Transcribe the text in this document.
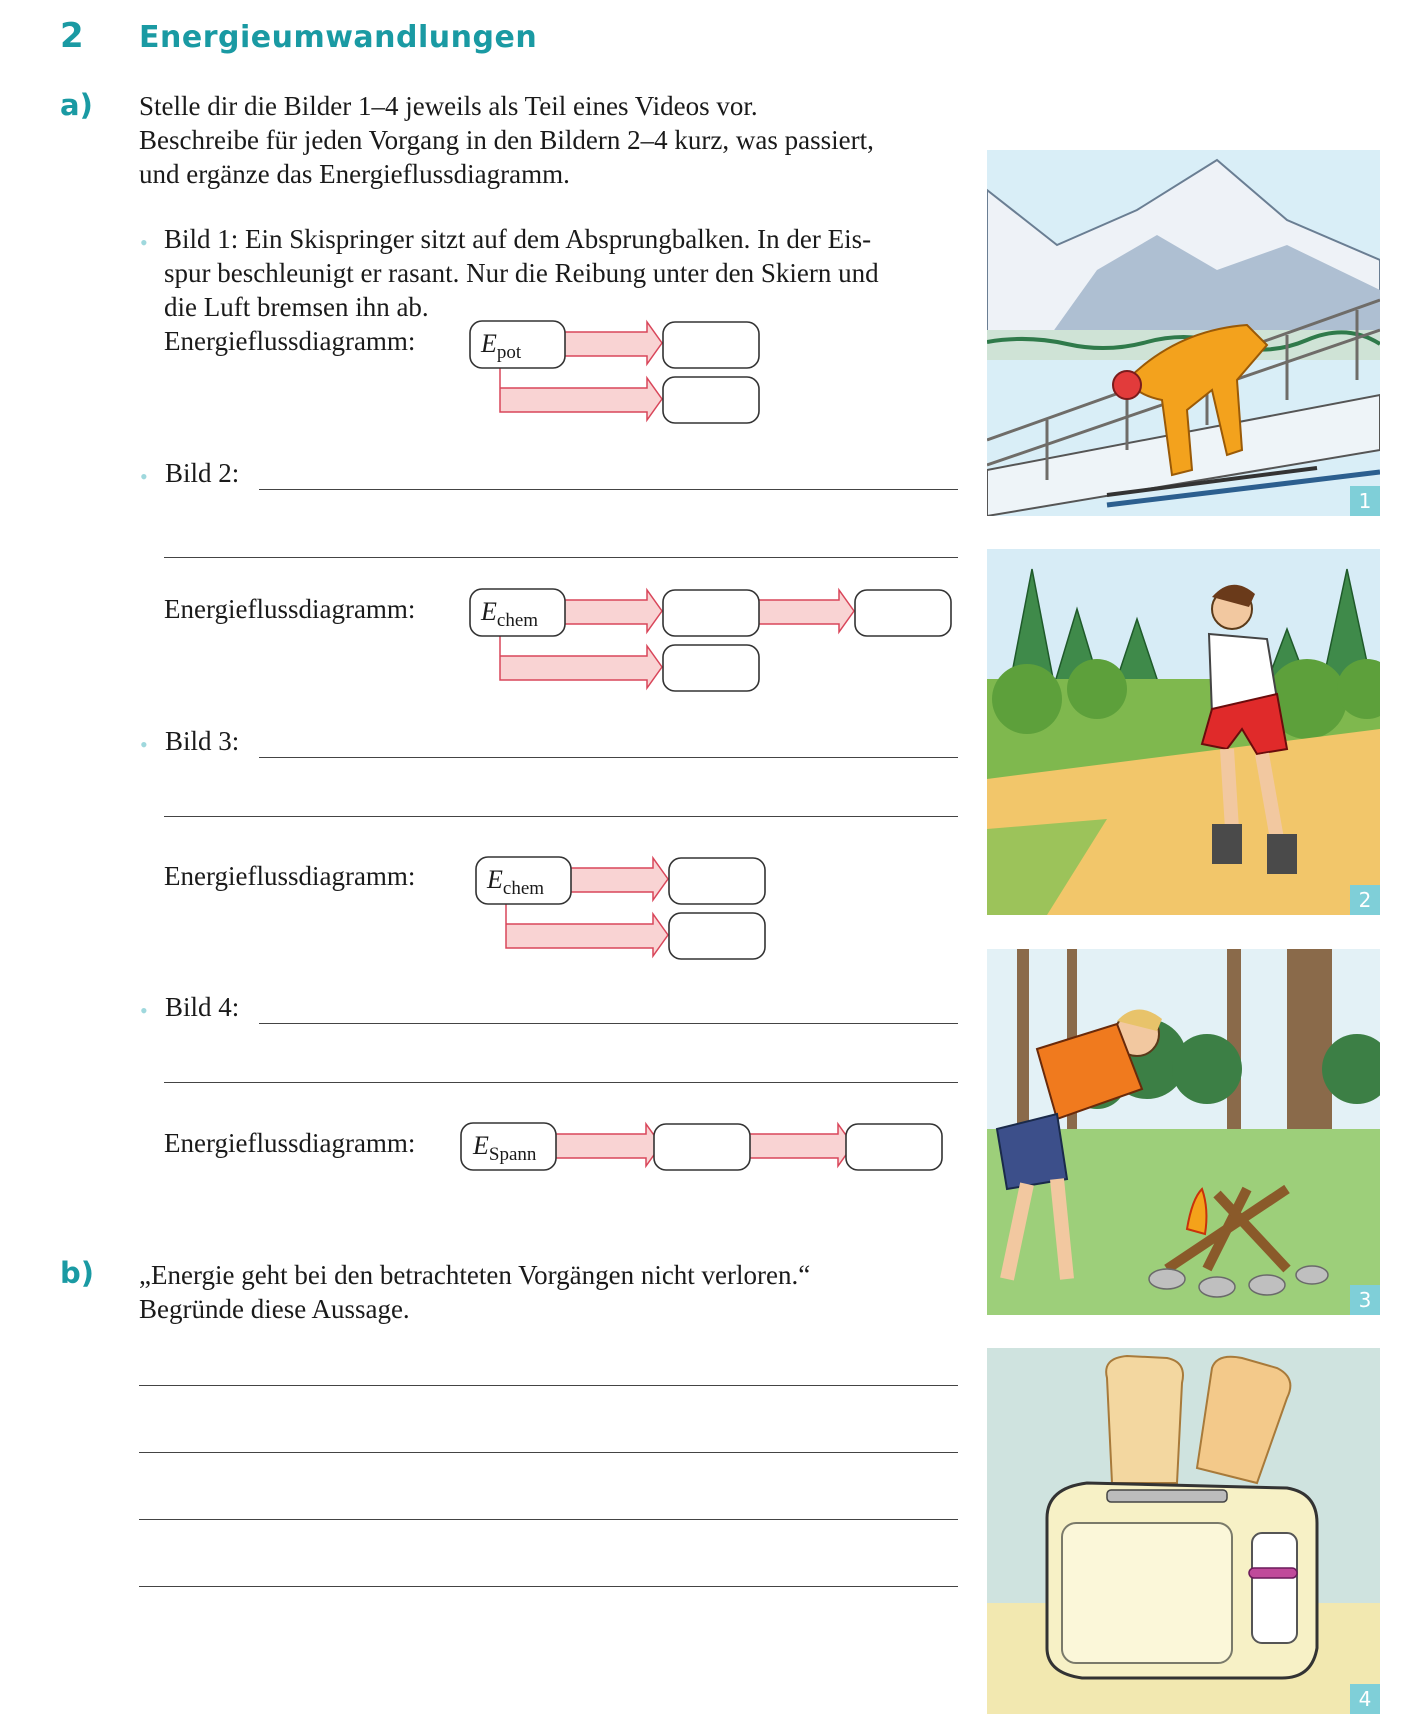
2 Energieumwandlungen
a) Stelle dir die Bilder 1–4 jeweils als Teil eines Videos vor.
Beschreibe für jeden Vorgang in den Bildern 2–4 kurz, was passiert,
und ergänze das Energieflussdiagramm.
• Bild 1: Ein Skispringer sitzt auf dem Absprungbalken. In der Eis-
spur beschleunigt er rasant. Nur die Reibung unter den Skiern und
die Luft bremsen ihn ab.
Energieflussdiagramm:	$E_{pot}$
• Bild 2:
Energieflussdiagramm:	$E_{chem}$
• Bild 3:
Energieflussdiagramm:	$E_{chem}$
• Bild 4:
Energieflussdiagramm: $E_{Spann}$
b) „Energie geht bei den betrachteten Vorgängen nicht verloren.“
Begründe diese Aussage.
1
2
3
4
